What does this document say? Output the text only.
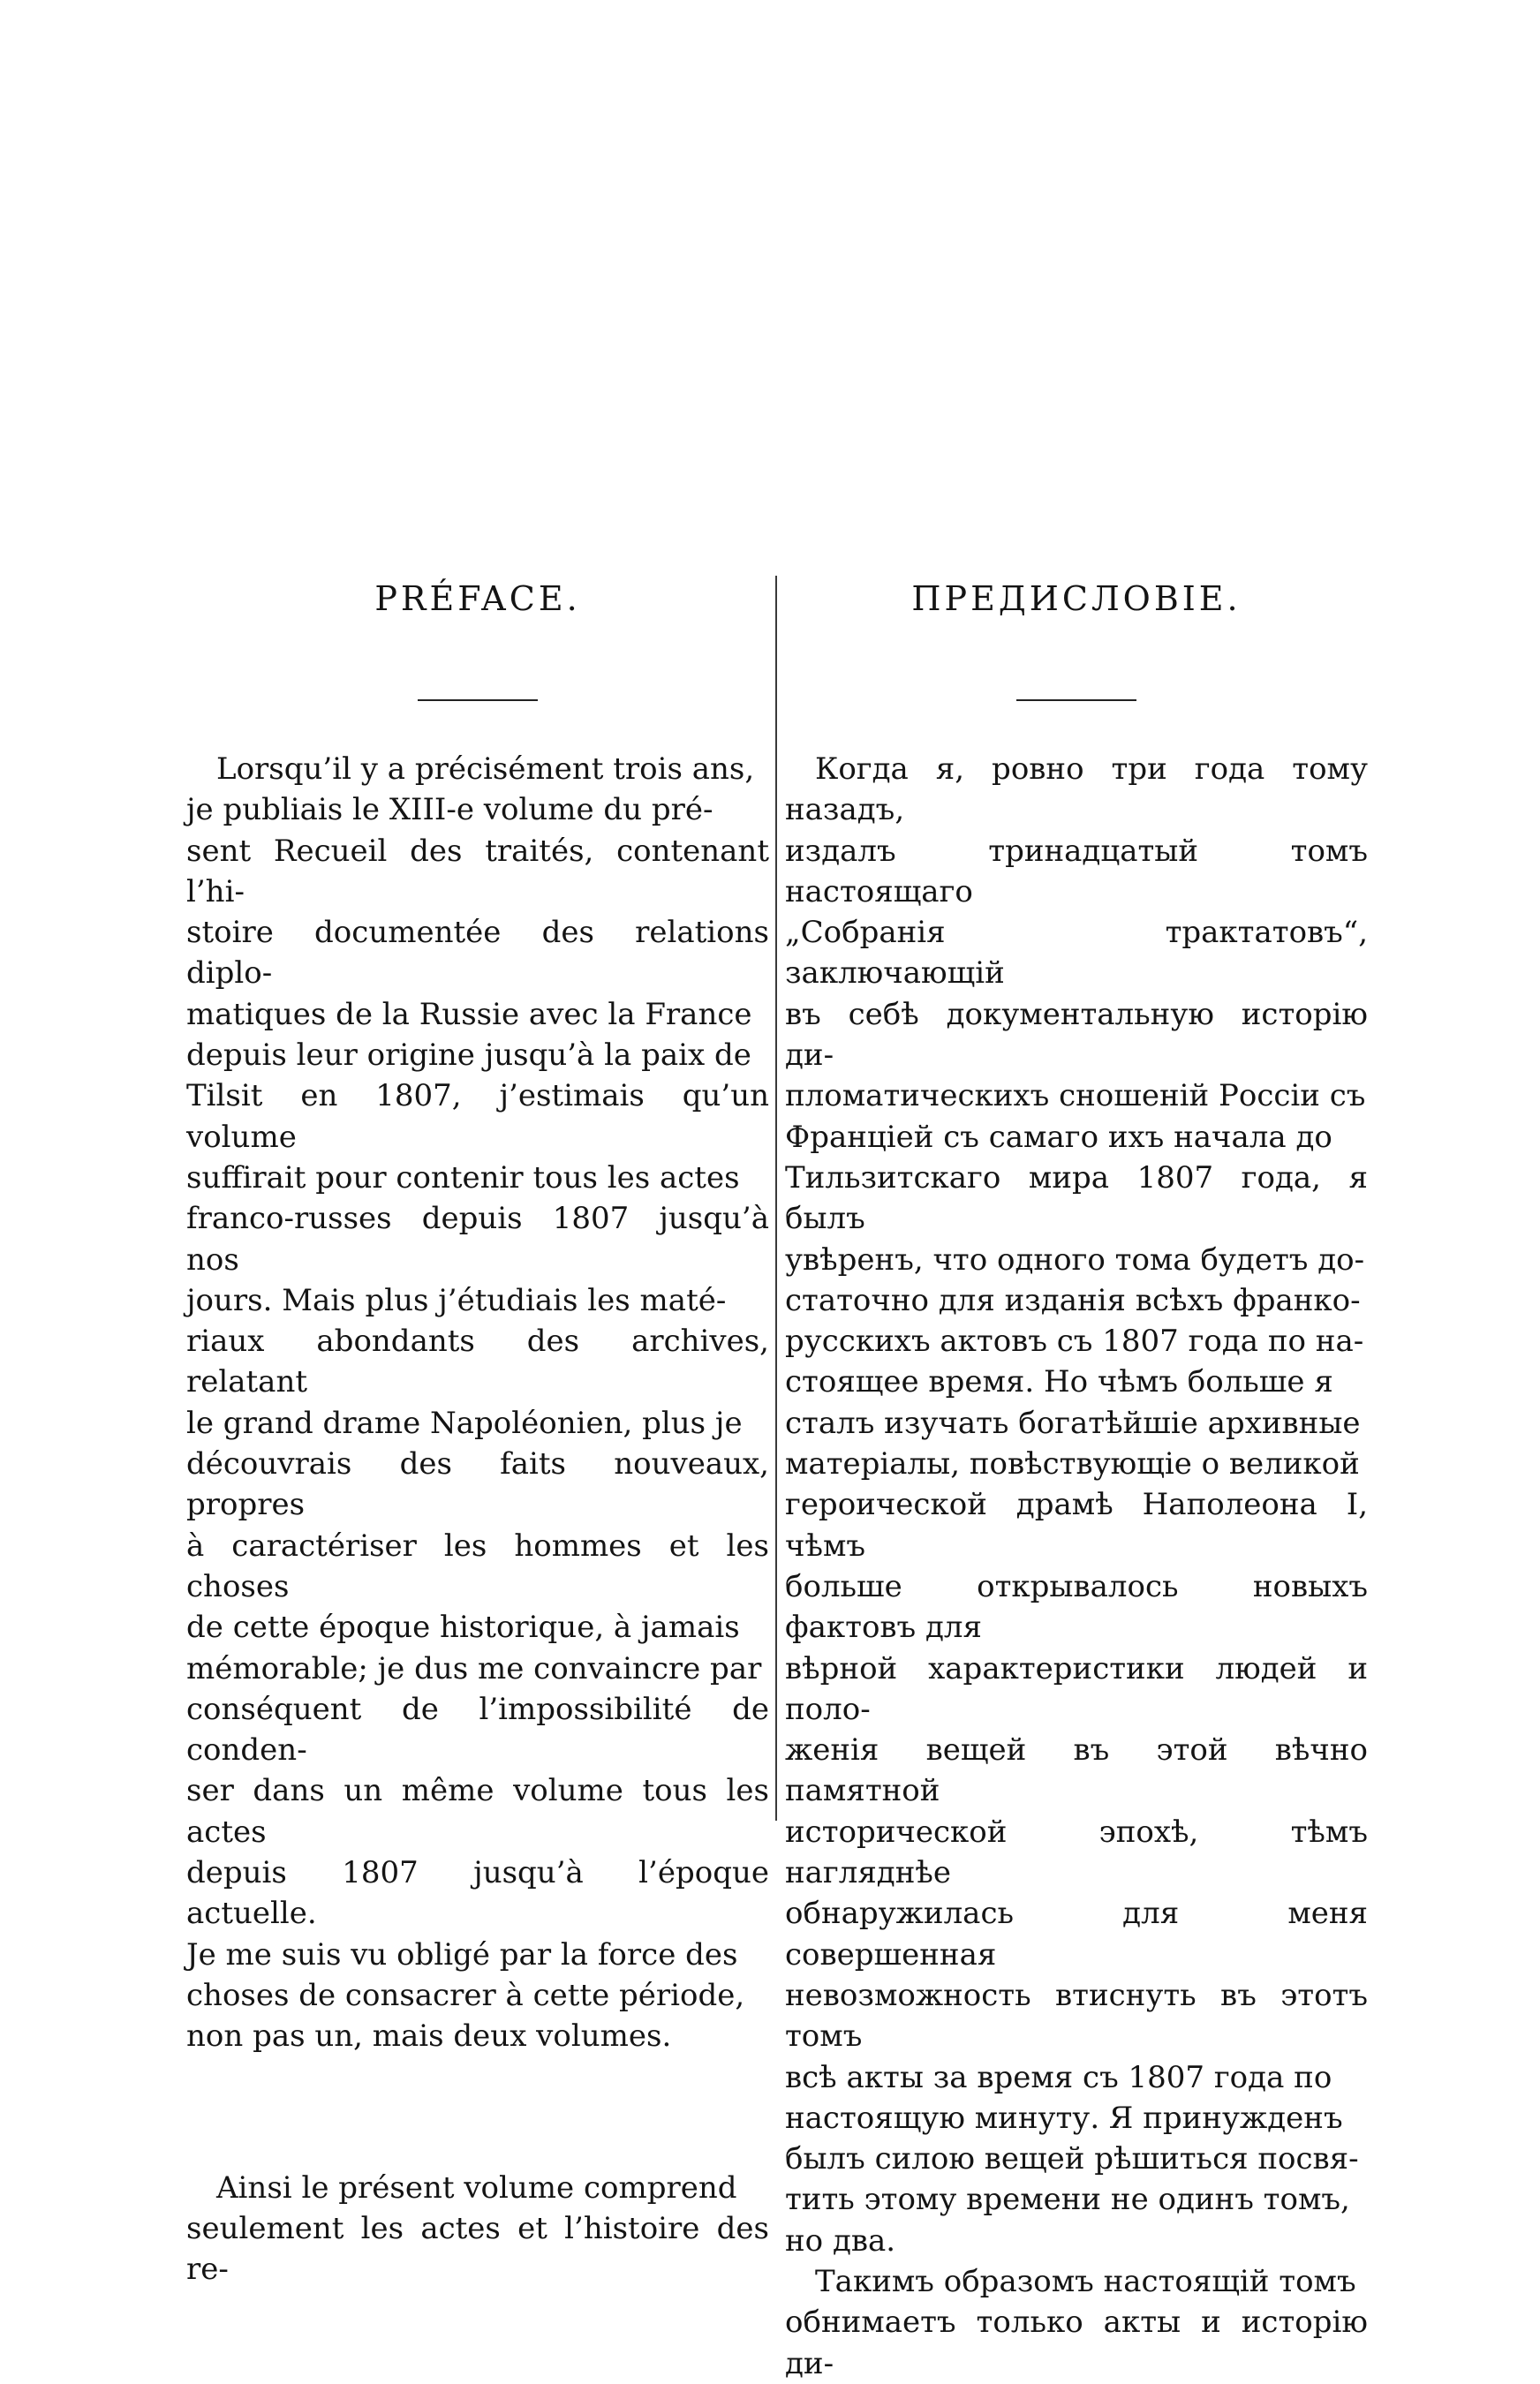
PRÉFACE.

 Lorsqu’il y a précisément trois ans,
je publiais le XIII-e volume du pré-
sent Recueil des traités, contenant l’hi-
stoire documentée des relations diplo-
matiques de la Russie avec la France
depuis leur origine jusqu’à la paix de
Tilsit en 1807, j’estimais qu’un volume
suffirait pour contenir tous les actes
franco-russes depuis 1807 jusqu’à nos
jours. Mais plus j’étudiais les maté-
riaux abondants des archives, relatant
le grand drame Napoléonien, plus je
découvrais des faits nouveaux, propres
à caractériser les hommes et les choses
de cette époque historique, à jamais
mémorable; je dus me convaincre par
conséquent de l’impossibilité de conden-
ser dans un même volume tous les actes
depuis 1807 jusqu’à l’époque actuelle.
Je me suis vu obligé par la force des
choses de consacrer à cette période,
non pas un, mais deux volumes.

 Ainsi le présent volume comprend
seulement les actes et l’histoire des re-

ПРЕДИСЛОВІЕ.

 Когда я, ровно три года тому назадъ,
издалъ тринадцатый томъ настоящаго
„Собранія трактатовъ“, заключающій
въ себѣ документальную исторію ди-
пломатическихъ сношеній Россіи съ
Франціей съ самаго ихъ начала до
Тильзитскаго мира 1807 года, я былъ
увѣренъ, что одного тома будетъ до-
статочно для изданія всѣхъ франко-
русскихъ актовъ съ 1807 года по на-
стоящее время. Но чѣмъ больше я
сталъ изучать богатѣйшіе архивные
матеріалы, повѣствующіе о великой
героической драмѣ Наполеона I, чѣмъ
больше открывалось новыхъ фактовъ для
вѣрной характеристики людей и поло-
женія вещей въ этой вѣчно памятной
исторической эпохѣ, тѣмъ нагляднѣе
обнаружилась для меня совершенная
невозможность втиснуть въ этотъ томъ
всѣ акты за время съ 1807 года по
настоящую минуту. Я принужденъ
былъ силою вещей рѣшиться посвя-
тить этому времени не одинъ томъ,
но два.

 Такимъ образомъ настоящій томъ
обнимаетъ только акты и исторію ди-
